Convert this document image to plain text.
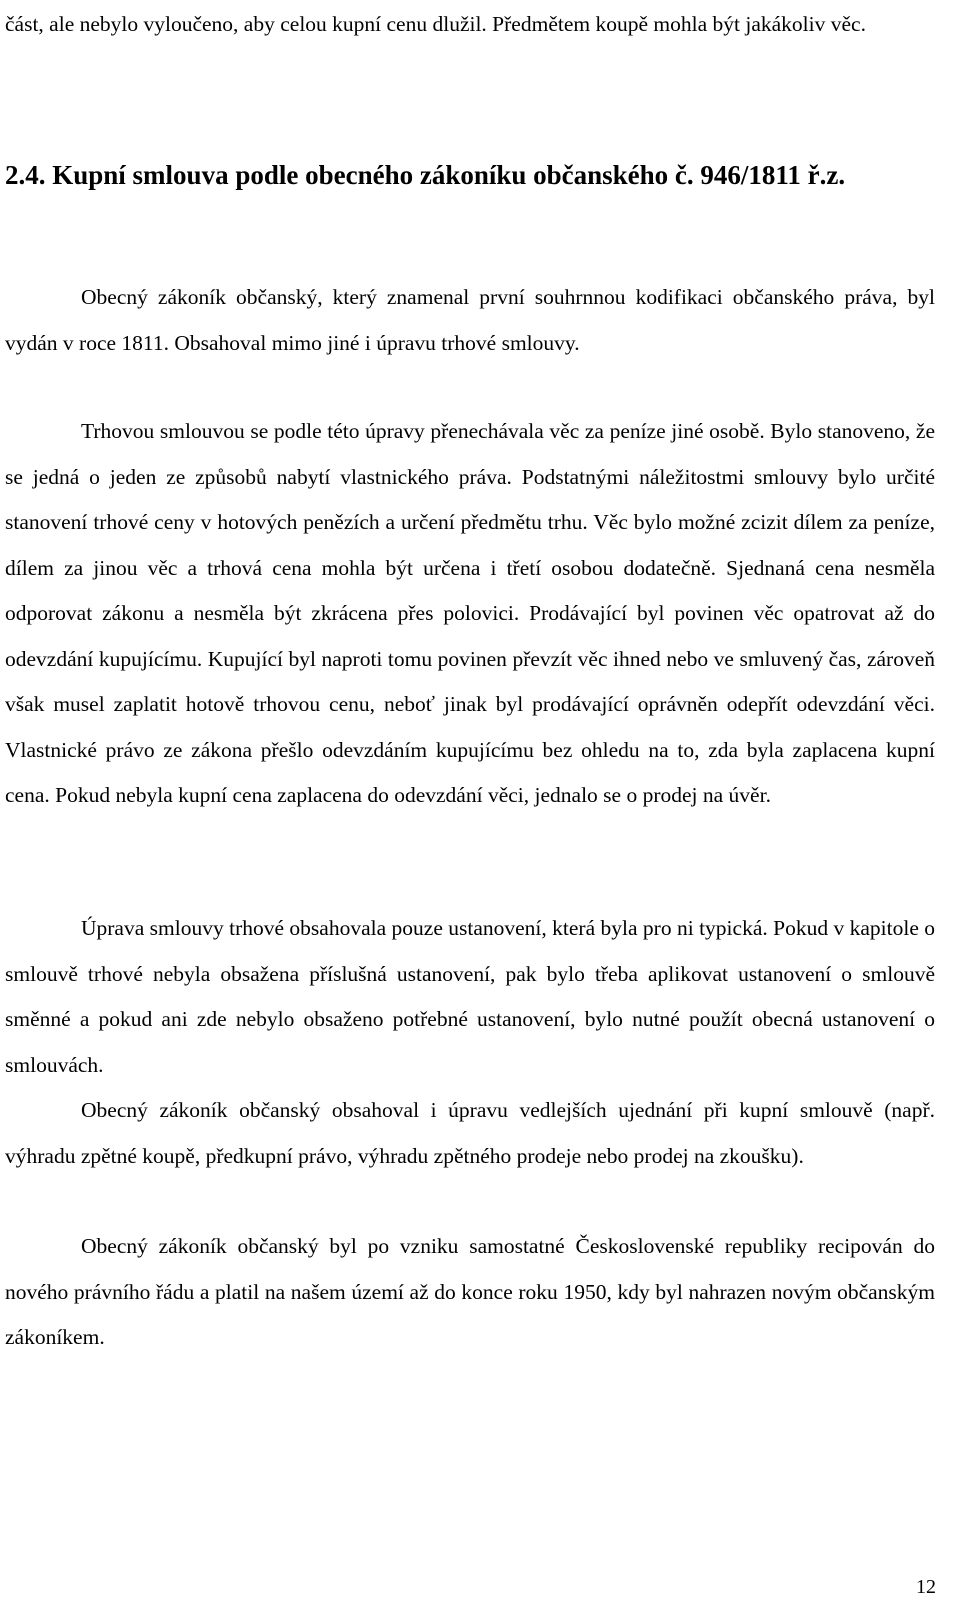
část, ale nebylo vyloučeno, aby celou kupní cenu dlužil. Předmětem koupě mohla být jakákoliv věc.

2.4. Kupní smlouva podle obecného zákoníku občanského č. 946/1811 ř.z.

Obecný zákoník občanský, který znamenal první souhrnnou kodifikaci občanského práva, byl vydán v roce 1811. Obsahoval mimo jiné i úpravu trhové smlouvy.

Trhovou smlouvou se podle této úpravy přenechávala věc za peníze jiné osobě. Bylo stanoveno, že se jedná o jeden ze způsobů nabytí vlastnického práva. Podstatnými náležitostmi smlouvy bylo určité stanovení trhové ceny v hotových penězích a určení předmětu trhu. Věc bylo možné zcizit dílem za peníze, dílem za jinou věc a trhová cena mohla být určena i třetí osobou dodatečně. Sjednaná cena nesměla odporovat zákonu a nesměla být zkrácena přes polovici. Prodávající byl povinen věc opatrovat až do odevzdání kupujícímu. Kupující byl naproti tomu povinen převzít věc ihned nebo ve smluvený čas, zároveň však musel zaplatit hotově trhovou cenu, neboť jinak byl prodávající oprávněn odepřít odevzdání věci. Vlastnické právo ze zákona přešlo odevzdáním kupujícímu bez ohledu na to, zda byla zaplacena kupní cena. Pokud nebyla kupní cena zaplacena do odevzdání věci, jednalo se o prodej na úvěr.

Úprava smlouvy trhové obsahovala pouze ustanovení, která byla pro ni typická. Pokud v kapitole o smlouvě trhové nebyla obsažena příslušná ustanovení, pak bylo třeba aplikovat ustanovení o smlouvě směnné a pokud ani zde nebylo obsaženo potřebné ustanovení, bylo nutné použít obecná ustanovení o smlouvách.

Obecný zákoník občanský obsahoval i úpravu vedlejších ujednání při kupní smlouvě (např. výhradu zpětné koupě, předkupní právo, výhradu zpětného prodeje nebo prodej na zkoušku).

Obecný zákoník občanský byl po vzniku samostatné Československé republiky recipován do nového právního řádu a platil na našem území až do konce roku 1950, kdy byl nahrazen novým občanským zákoníkem.

12
